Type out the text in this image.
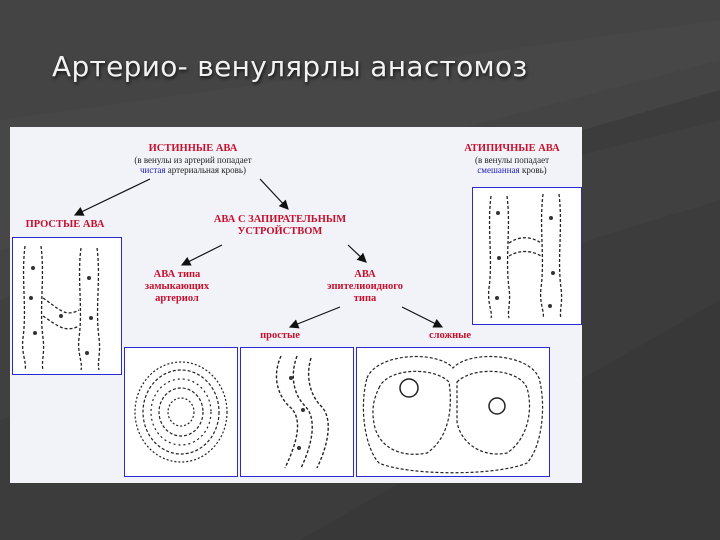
Артерио- венулярлы анастомоз
ИСТИННЫЕ АВА
(в венулы из артерий попадает
чистая артериальная кровь)
АТИПИЧНЫЕ АВА
(в венулы попадает
смешанная кровь)
ПРОСТЫЕ АВА	АВА С ЗАПИРАТЕЛЬНЫМ
УСТРОЙСТВОМ
АВА типа
замыкающих
артериол
АВА
эпителиоидного
типа
простые	сложные
